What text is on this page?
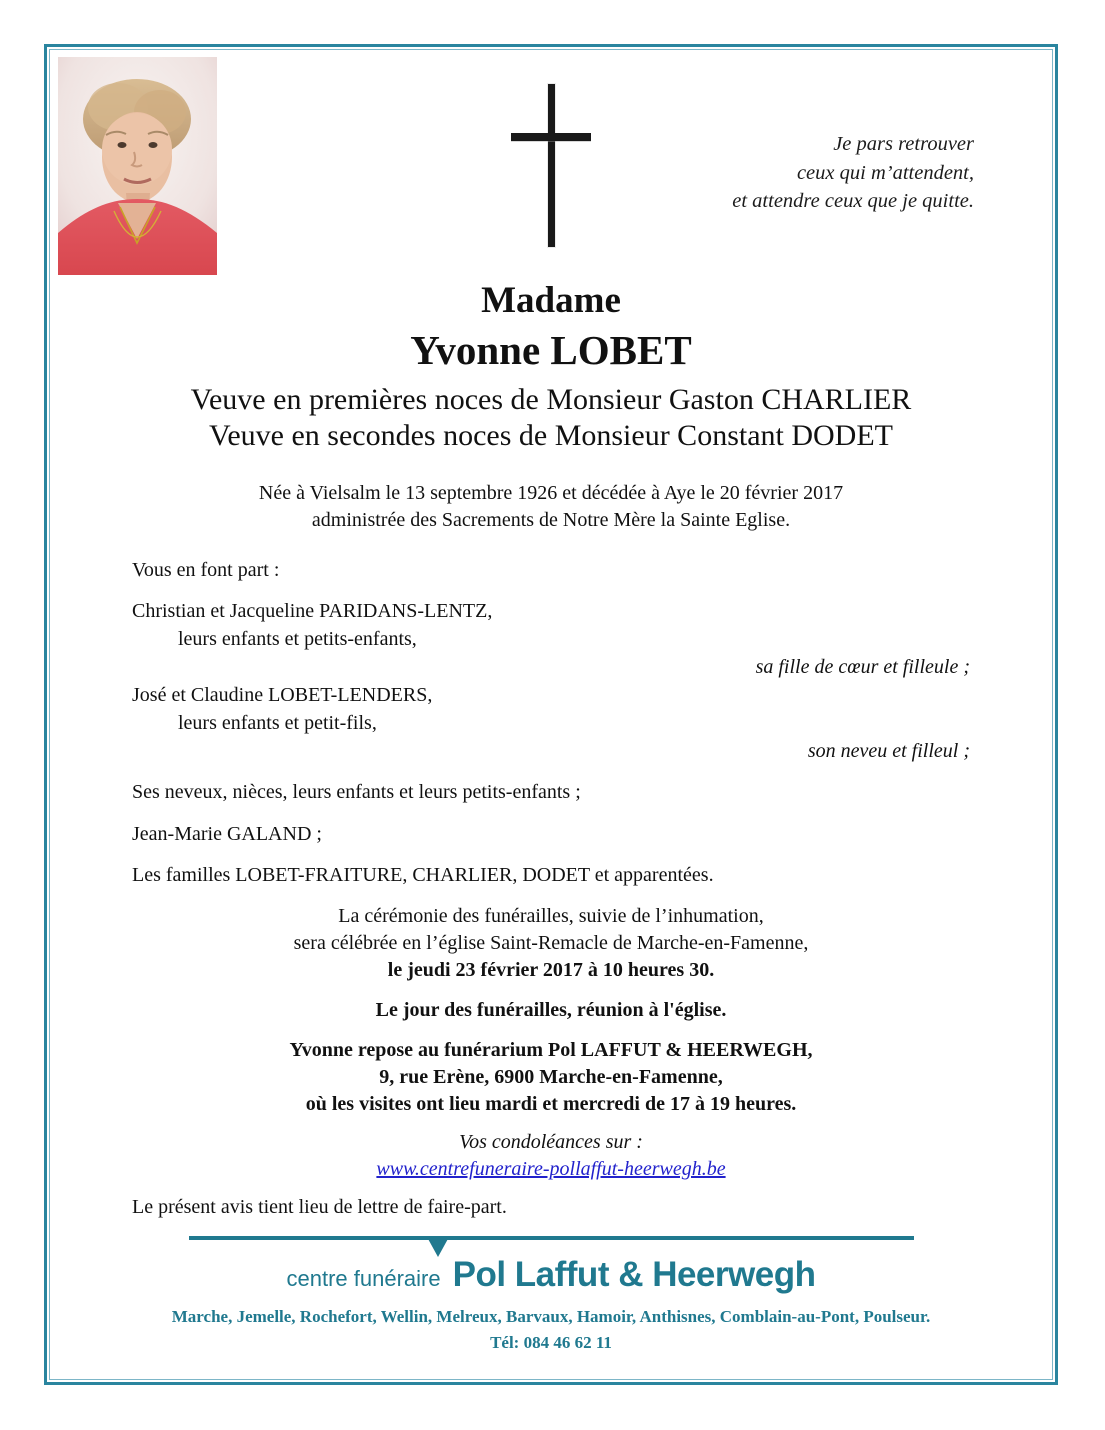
Je pars retrouver
ceux qui m’attendent,
et attendre ceux que je quitte.
Madame
Yvonne LOBET
Veuve en premières noces de Monsieur Gaston CHARLIER
Veuve en secondes noces de Monsieur Constant DODET
Née à Vielsalm le 13 septembre 1926 et décédée à Aye le 20 février 2017
administrée des Sacrements de Notre Mère la Sainte Eglise.
Vous en font part :
Christian et Jacqueline PARIDANS-LENTZ,
leurs enfants et petits-enfants,
sa fille de cœur et filleule ;
José et Claudine LOBET-LENDERS,
leurs enfants et petit-fils,
son neveu et filleul ;
Ses neveux, nièces, leurs enfants et leurs petits-enfants ;
Jean-Marie GALAND ;
Les familles LOBET-FRAITURE, CHARLIER, DODET et apparentées.
La cérémonie des funérailles, suivie de l’inhumation,
sera célébrée en l’église Saint-Remacle de Marche-en-Famenne,
le jeudi 23 février 2017 à 10 heures 30.
Le jour des funérailles, réunion à l'église.
Yvonne repose au funérarium Pol LAFFUT & HEERWEGH,
9, rue Erène, 6900 Marche-en-Famenne,
où les visites ont lieu mardi et mercredi de 17 à 19 heures.
Vos condoléances sur :
www.centrefuneraire-pollaffut-heerwegh.be
Le présent avis tient lieu de lettre de faire-part.
centre funéraire Pol Laffut & Heerwegh
Marche, Jemelle, Rochefort, Wellin, Melreux, Barvaux, Hamoir, Anthisnes, Comblain-au-Pont, Poulseur.
Tél: 084 46 62 11
